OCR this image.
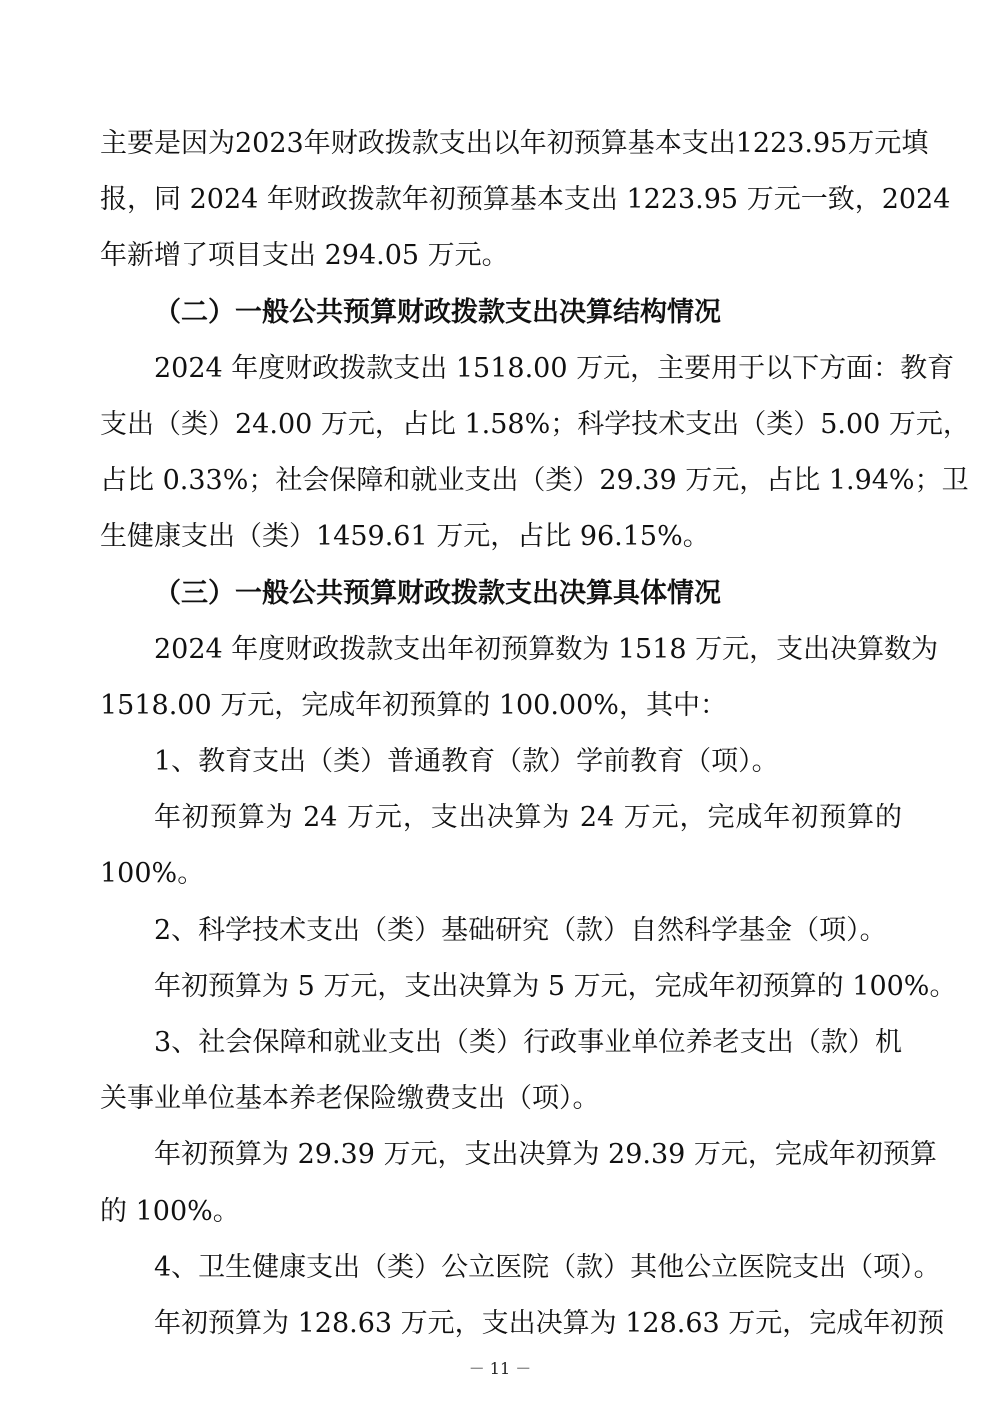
主要是因为2023年财政拨款支出以年初预算基本支出1223.95万元填
报，同 2024 年财政拨款年初预算基本支出 1223.95 万元一致，2024
年新增了项目支出 294.05 万元。
（二）一般公共预算财政拨款支出决算结构情况
2024 年度财政拨款支出 1518.00 万元，主要用于以下方面：教育
支出（类）24.00 万元，占比 1.58%；科学技术支出（类）5.00 万元，
占比 0.33%；社会保障和就业支出（类）29.39 万元，占比 1.94%；卫
生健康支出（类）1459.61 万元，占比 96.15%。
（三）一般公共预算财政拨款支出决算具体情况
2024 年度财政拨款支出年初预算数为 1518 万元，支出决算数为
1518.00 万元，完成年初预算的 100.00%，其中：
1、教育支出（类）普通教育（款）学前教育（项）。
年初预算为 24 万元，支出决算为 24 万元，完成年初预算的
100%。
2、科学技术支出（类）基础研究（款）自然科学基金（项）。
年初预算为 5 万元，支出决算为 5 万元，完成年初预算的 100%。
3、社会保障和就业支出（类）行政事业单位养老支出（款）机
关事业单位基本养老保险缴费支出（项）。
年初预算为 29.39 万元，支出决算为 29.39 万元，完成年初预算
的 100%。
4、卫生健康支出（类）公立医院（款）其他公立医院支出（项）。
年初预算为 128.63 万元，支出决算为 128.63 万元，完成年初预
－ 11 －
